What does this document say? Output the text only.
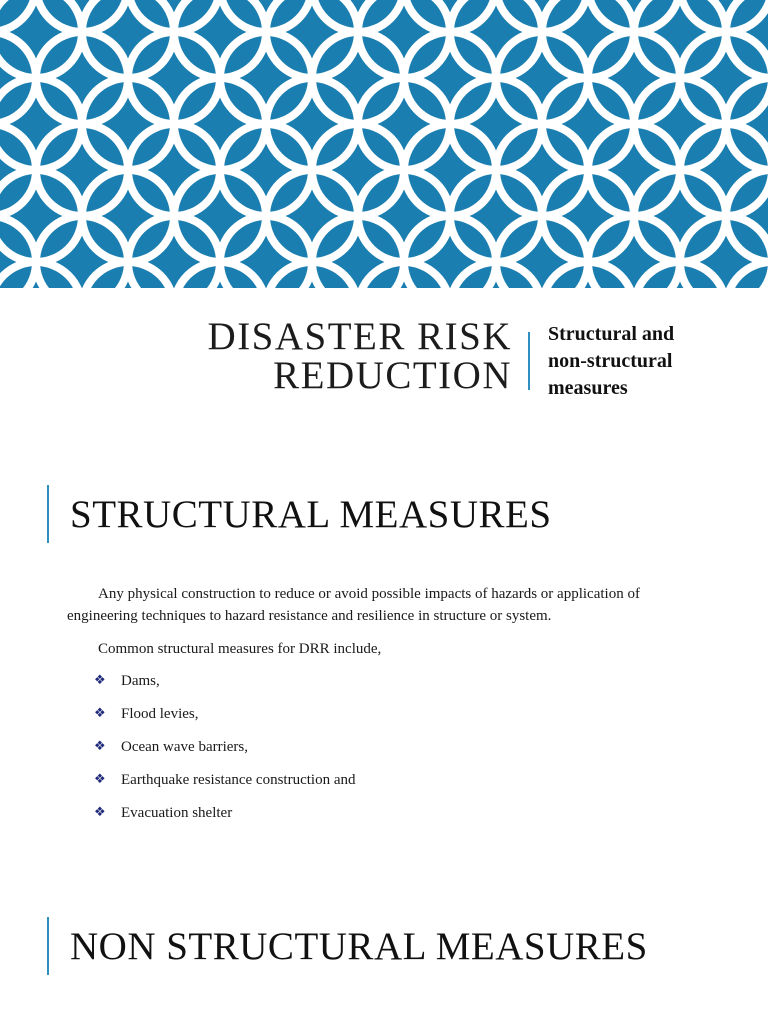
DISASTER RISK
REDUCTION
Structural and
non-structural
measures
STRUCTURAL MEASURES

Any physical construction to reduce or avoid possible impacts of hazards or application of engineering techniques to hazard resistance and resilience in structure or system.

Common structural measures for DRR include,

❖	Dams,
❖	Flood levies,
❖	Ocean wave barriers,
❖	Earthquake resistance construction and
❖	Evacuation shelter
NON STRUCTURAL MEASURES
